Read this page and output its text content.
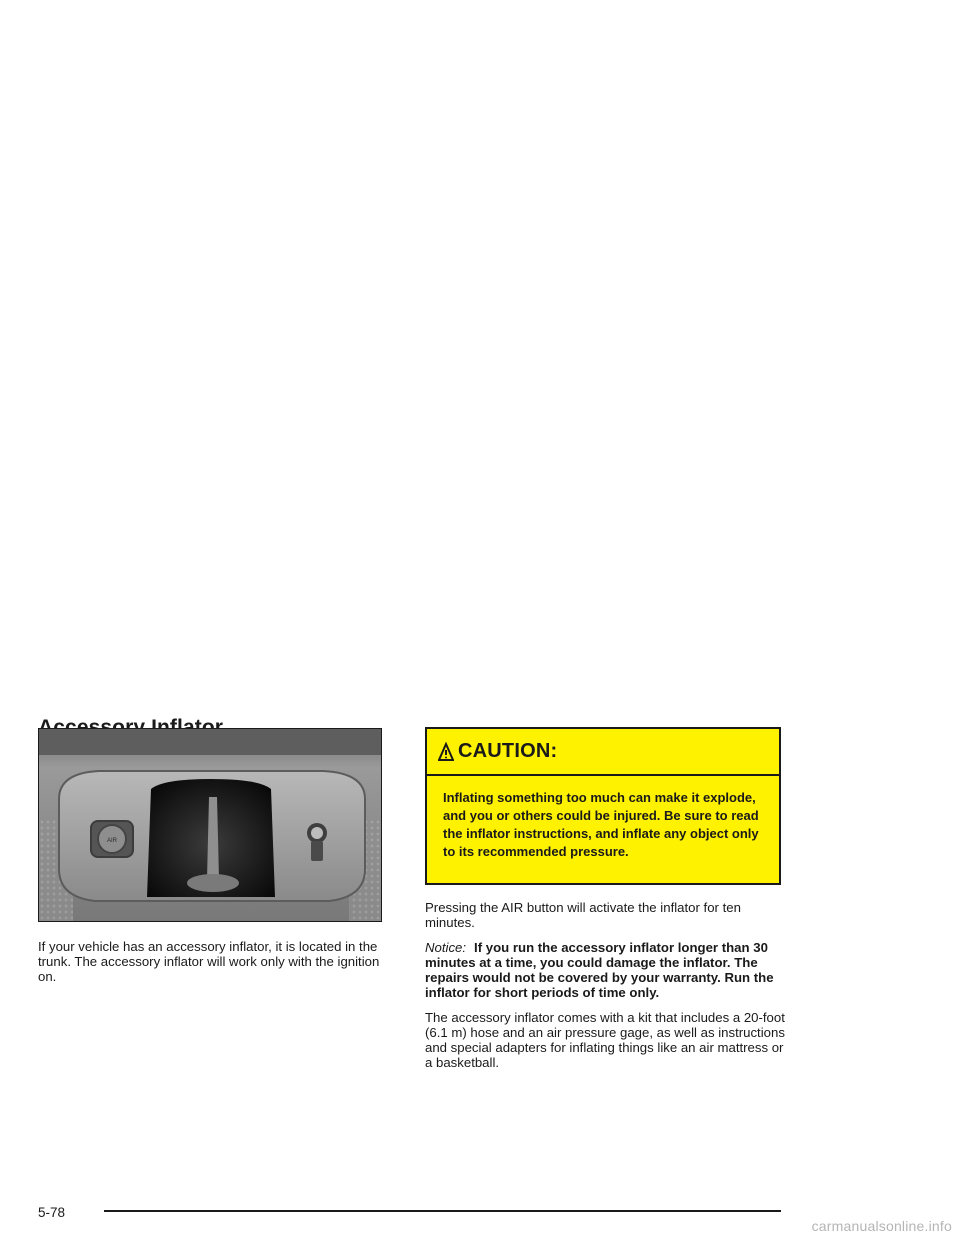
AIR

If your vehicle has an accessory inflator, it is located in the trunk. The accessory inflator will work only with the ignition on.

CAUTION:

Inflating something too much can make it explode, and you or others could be injured. Be sure to read the inflator instructions, and inflate any object only to its recommended pressure.

Pressing the AIR button will activate the inflator for ten minutes.

Notice: If you run the accessory inflator longer than 30 minutes at a time, you could damage the inflator. The repairs would not be covered by your warranty. Run the inflator for short periods of time only.

The accessory inflator comes with a kit that includes a 20-foot (6.1 m) hose and an air pressure gage, as well as instructions and special adapters for inflating things like an air mattress or a basketball.

5-78
carmanualsonline.info
